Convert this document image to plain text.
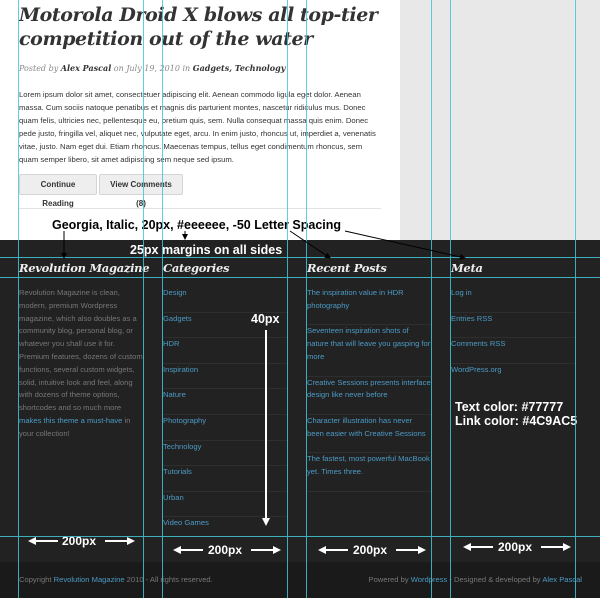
Motorola Droid X blows all top-tier competition out of the water
Posted by Alex Pascal on July 19, 2010 in Gadgets, Technology

Lorem ipsum dolor sit amet, consectetuer adipiscing elit. Aenean commodo ligula eget dolor. Aenean massa. Cum sociis natoque penatibus et magnis dis parturient montes, nascetur ridiculus mus. Donec quam felis, ultricies nec, pellentesque eu, pretium quis, sem. Nulla consequat massa quis enim. Donec pede justo, fringilla vel, aliquet nec, vulputate eget, arcu. In enim justo, rhoncus ut, imperdiet a, venenatis vitae, justo. Nam eget dui. Etiam rhoncus. Maecenas tempus, tellus eget condimentum rhoncus, sem quam semper libero, sit amet adipiscing sem neque sed ipsum.

Continue Reading
View Comments (8)
Georgia, Italic, 20px, #eeeeee, -50 Letter Spacing
25px margins on all sides
Revolution Magazine Categories	Recent Posts	Meta

Revolution Magazine is clean, modern, premium Wordpress magazine, which also doubles as a community blog, personal blog, or whatever you shall use it for. Premium features, dozens of custom functions, several custom widgets, solid, intuitive look and feel, along with dozens of theme options, shortcodes and so much more makes this theme a must-have in your collection!

Design
Gadgets
HDR
Inspiration
Nature
Photography
Technology
Tutorials
Urban
Video Games
The inspiration value in HDR photography
Seventeen inspiration shots of nature that will leave you gasping for more
Creative Sessions presents interface design like never before
Character illustration has never been easier with Creative Sessions
The fastest, most powerful MacBook yet. Times three.
Log in
Entries RSS
Comments RSS
WordPress.org
40px
Text color: #77777
Link color: #4C9AC5
200px
200px	200px	200px
Copyright Revolution Magazine 2010 - All rights reserved.	Powered by Wordpress - Designed & developed by Alex Pascal
